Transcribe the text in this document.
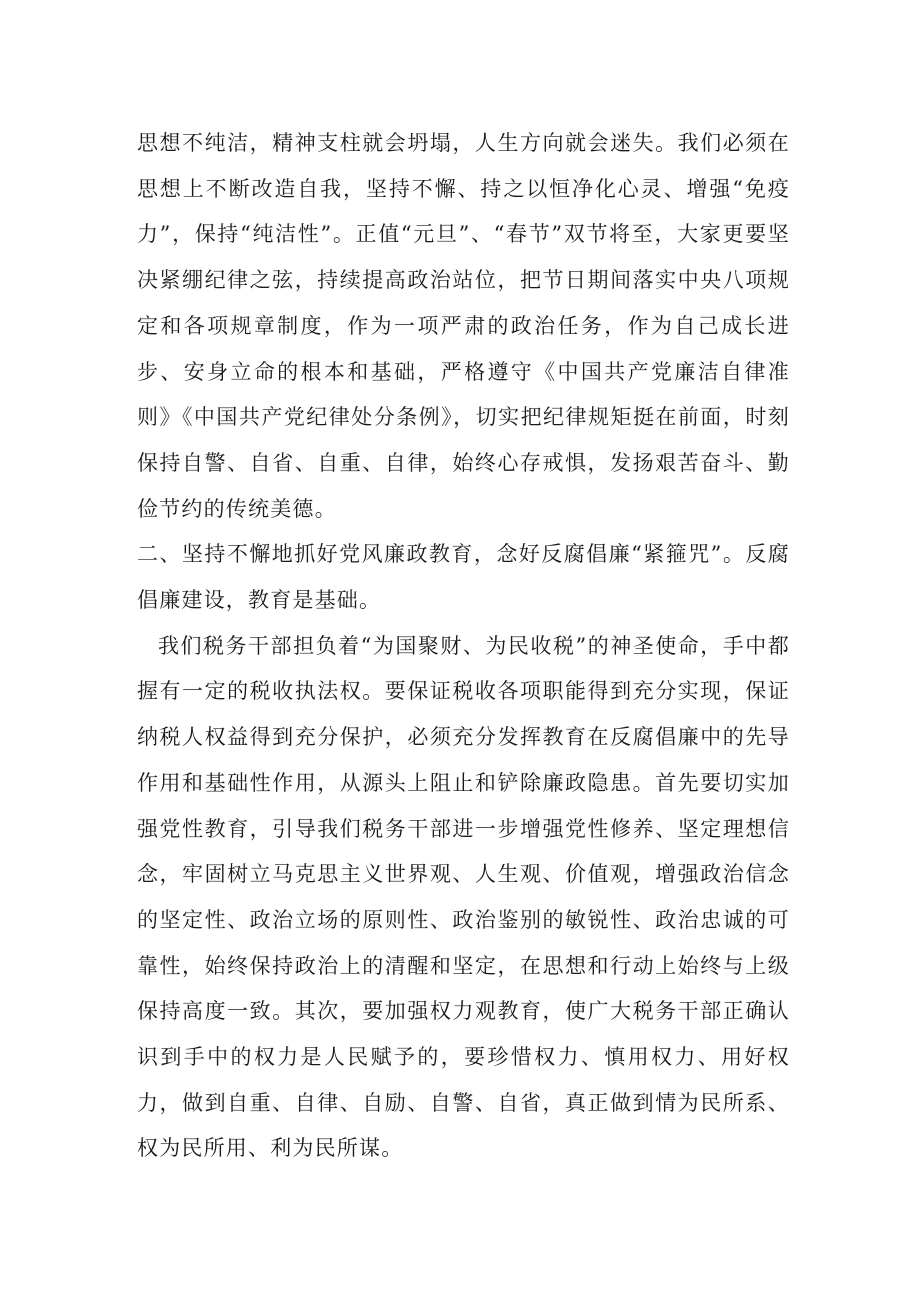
思想不纯洁，精神支柱就会坍塌，人生方向就会迷失。我们必须在思想上不断改造自我，坚持不懈、持之以恒净化心灵、增强“免疫力”，保持“纯洁性”。正值“元旦”、“春节”双节将至，大家更要坚决紧绷纪律之弦，持续提高政治站位，把节日期间落实中央八项规定和各项规章制度，作为一项严肃的政治任务，作为自己成长进步、安身立命的根本和基础，严格遵守《中国共产党廉洁自律准则》《中国共产党纪律处分条例》，切实把纪律规矩挺在前面，时刻保持自警、自省、自重、自律，始终心存戒惧，发扬艰苦奋斗、勤俭节约的传统美德。

二、坚持不懈地抓好党风廉政教育，念好反腐倡廉“紧箍咒”。反腐倡廉建设，教育是基础。

我们税务干部担负着“为国聚财、为民收税”的神圣使命，手中都握有一定的税收执法权。要保证税收各项职能得到充分实现，保证纳税人权益得到充分保护，必须充分发挥教育在反腐倡廉中的先导作用和基础性作用，从源头上阻止和铲除廉政隐患。首先要切实加强党性教育，引导我们税务干部进一步增强党性修养、坚定理想信念，牢固树立马克思主义世界观、人生观、价值观，增强政治信念的坚定性、政治立场的原则性、政治鉴别的敏锐性、政治忠诚的可靠性，始终保持政治上的清醒和坚定，在思想和行动上始终与上级保持高度一致。其次，要加强权力观教育，使广大税务干部正确认识到手中的权力是人民赋予的，要珍惜权力、慎用权力、用好权力，做到自重、自律、自励、自警、自省，真正做到情为民所系、权为民所用、利为民所谋。
